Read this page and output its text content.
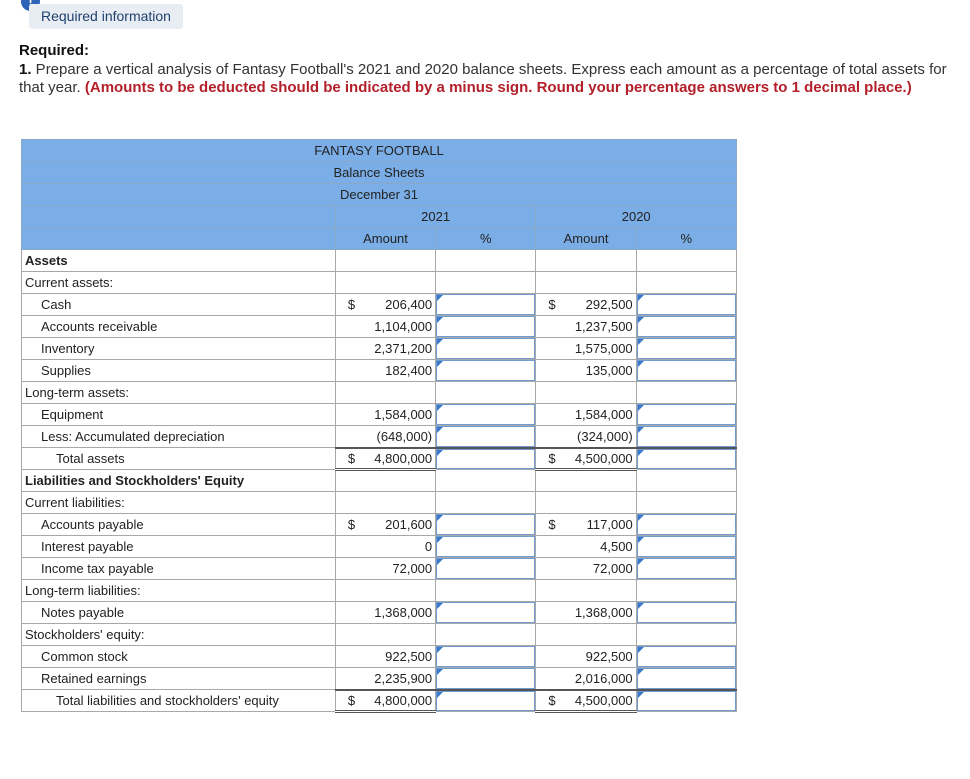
Required information
Required:
1. Prepare a vertical analysis of Fantasy Football's 2021 and 2020 balance sheets. Express each amount as a percentage of total assets for that year. (Amounts to be deducted should be indicated by a minus sign. Round your percentage answers to 1 decimal place.)
FANTASY FOOTBALL				

Balance Sheets				

December 31				

	2021		2020	
	Amount	%	Amount	%
Assets				
Current assets:				
Cash	$ 206,400		$ 292,500	

Accounts receivable	1,104,000		1,237,500	

Inventory	2,371,200		1,575,000	

Supplies	182,400		135,000	

Long-term assets:				
Equipment	1,584,000		1,584,000	

Less: Accumulated depreciation	(648,000)		(324,000)	

Total assets	$ 4,800,000		$ 4,500,000	

Liabilities and Stockholders' Equity				
Current liabilities:				
Accounts payable	$ 201,600		$ 117,000	

Interest payable	0		4,500	

Income tax payable	72,000		72,000	

Long-term liabilities:				
Notes payable	1,368,000		1,368,000	

Stockholders' equity:				
Common stock	922,500		922,500	

Retained earnings	2,235,900		2,016,000	

Total liabilities and stockholders' equity	$ 4,800,000		$ 4,500,000	
